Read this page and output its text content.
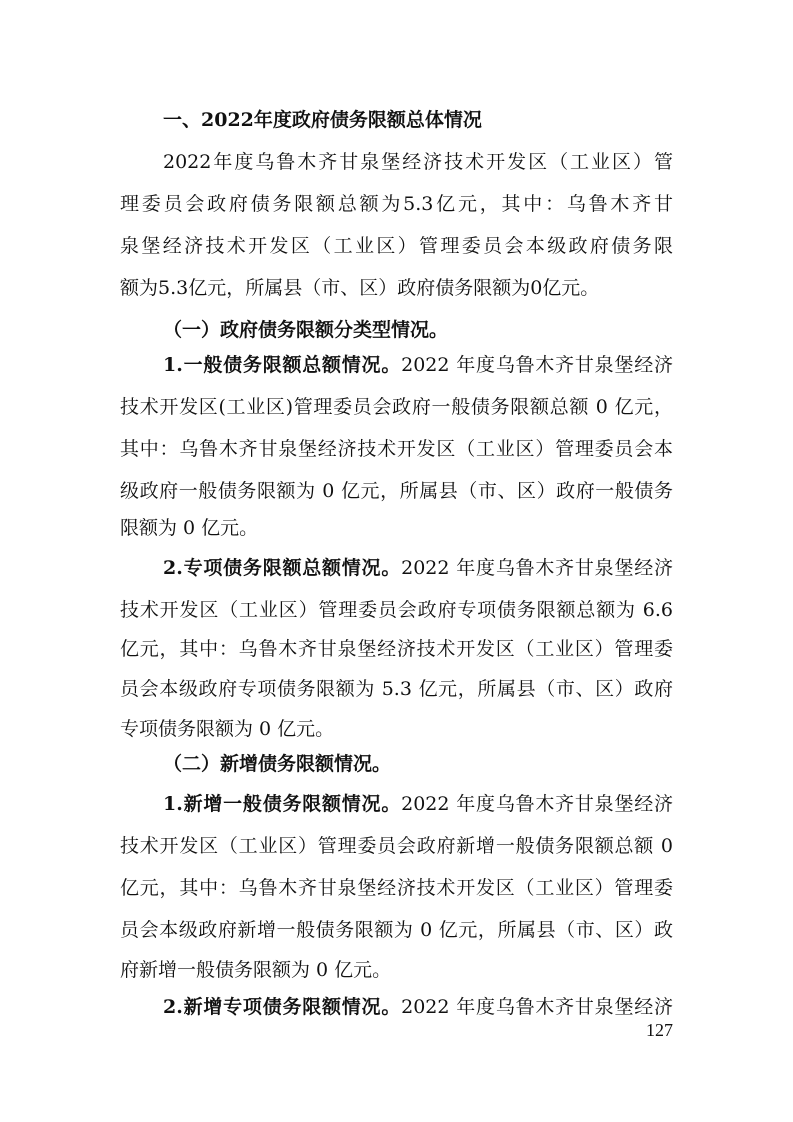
一、2022年度政府债务限额总体情况
2022年度乌鲁木齐甘泉堡经济技术开发区（工业区）管
理委员会政府债务限额总额为5.3亿元，其中：乌鲁木齐甘
泉堡经济技术开发区（工业区）管理委员会本级政府债务限
额为5.3亿元，所属县（市、区）政府债务限额为0亿元。
（一）政府债务限额分类型情况。
1.一般债务限额总额情况。2022 年度乌鲁木齐甘泉堡经济
技术开发区(工业区)管理委员会政府一般债务限额总额 0 亿元，
其中：乌鲁木齐甘泉堡经济技术开发区（工业区）管理委员会本
级政府一般债务限额为 0 亿元，所属县（市、区）政府一般债务
限额为 0 亿元。
2.专项债务限额总额情况。2022 年度乌鲁木齐甘泉堡经济
技术开发区（工业区）管理委员会政府专项债务限额总额为 6.6
亿元，其中：乌鲁木齐甘泉堡经济技术开发区（工业区）管理委
员会本级政府专项债务限额为 5.3 亿元，所属县（市、区）政府
专项债务限额为 0 亿元。
（二）新增债务限额情况。
1.新增一般债务限额情况。2022 年度乌鲁木齐甘泉堡经济
技术开发区（工业区）管理委员会政府新增一般债务限额总额 0
亿元，其中：乌鲁木齐甘泉堡经济技术开发区（工业区）管理委
员会本级政府新增一般债务限额为 0 亿元，所属县（市、区）政
府新增一般债务限额为 0 亿元。
2.新增专项债务限额情况。2022 年度乌鲁木齐甘泉堡经济
127
